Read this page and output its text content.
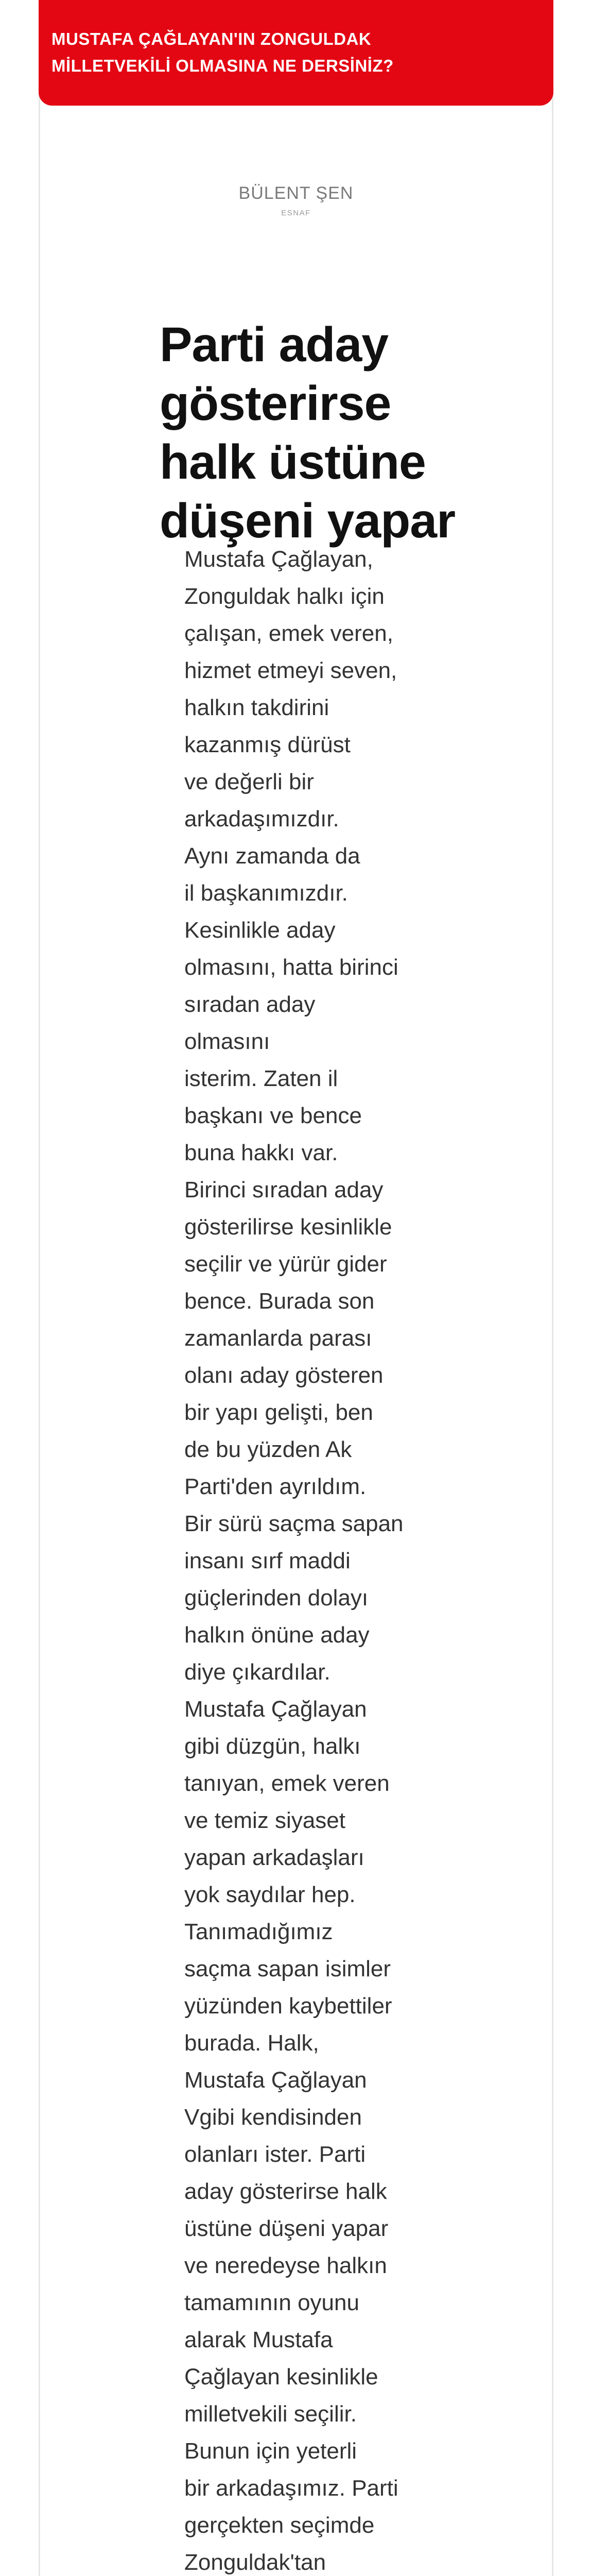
MUSTAFA ÇAĞLAYAN'IN ZONGULDAK
MİLLETVEKİLİ OLMASINA NE DERSİNİZ?
BÜLENT ŞEN
ESNAF
Parti aday
gösterirse
halk üstüne
düşeni yapar

Mustafa Çağlayan,

Zonguldak halkı için

çalışan, emek veren,

hizmet etmeyi seven,

halkın takdirini

kazanmış dürüst

ve değerli bir

arkadaşımızdır.

Aynı zamanda da

il başkanımızdır.

Kesinlikle aday

olmasını, hatta birinci

sıradan aday olmasını

isterim. Zaten il

başkanı ve bence

buna hakkı var.

Birinci sıradan aday

gösterilirse kesinlikle

seçilir ve yürür gider

bence. Burada son

zamanlarda parası

olanı aday gösteren

bir yapı gelişti, ben

de bu yüzden Ak

Parti'den ayrıldım.

Bir sürü saçma sapan

insanı sırf maddi

güçlerinden dolayı

halkın önüne aday

diye çıkardılar.

Mustafa Çağlayan

gibi düzgün, halkı

tanıyan, emek veren

ve temiz siyaset

yapan arkadaşları

yok saydılar hep.

Tanımadığımız

saçma sapan isimler

yüzünden kaybettiler

burada. Halk,

Mustafa Çağlayan

Vgibi kendisinden

olanları ister. Parti

aday gösterirse halk

üstüne düşeni yapar

ve neredeyse halkın

tamamının oyunu

alarak Mustafa

Çağlayan kesinlikle

milletvekili seçilir.

Bunun için yeterli

bir arkadaşımız. Parti

gerçekten seçimde

Zonguldak'tan
